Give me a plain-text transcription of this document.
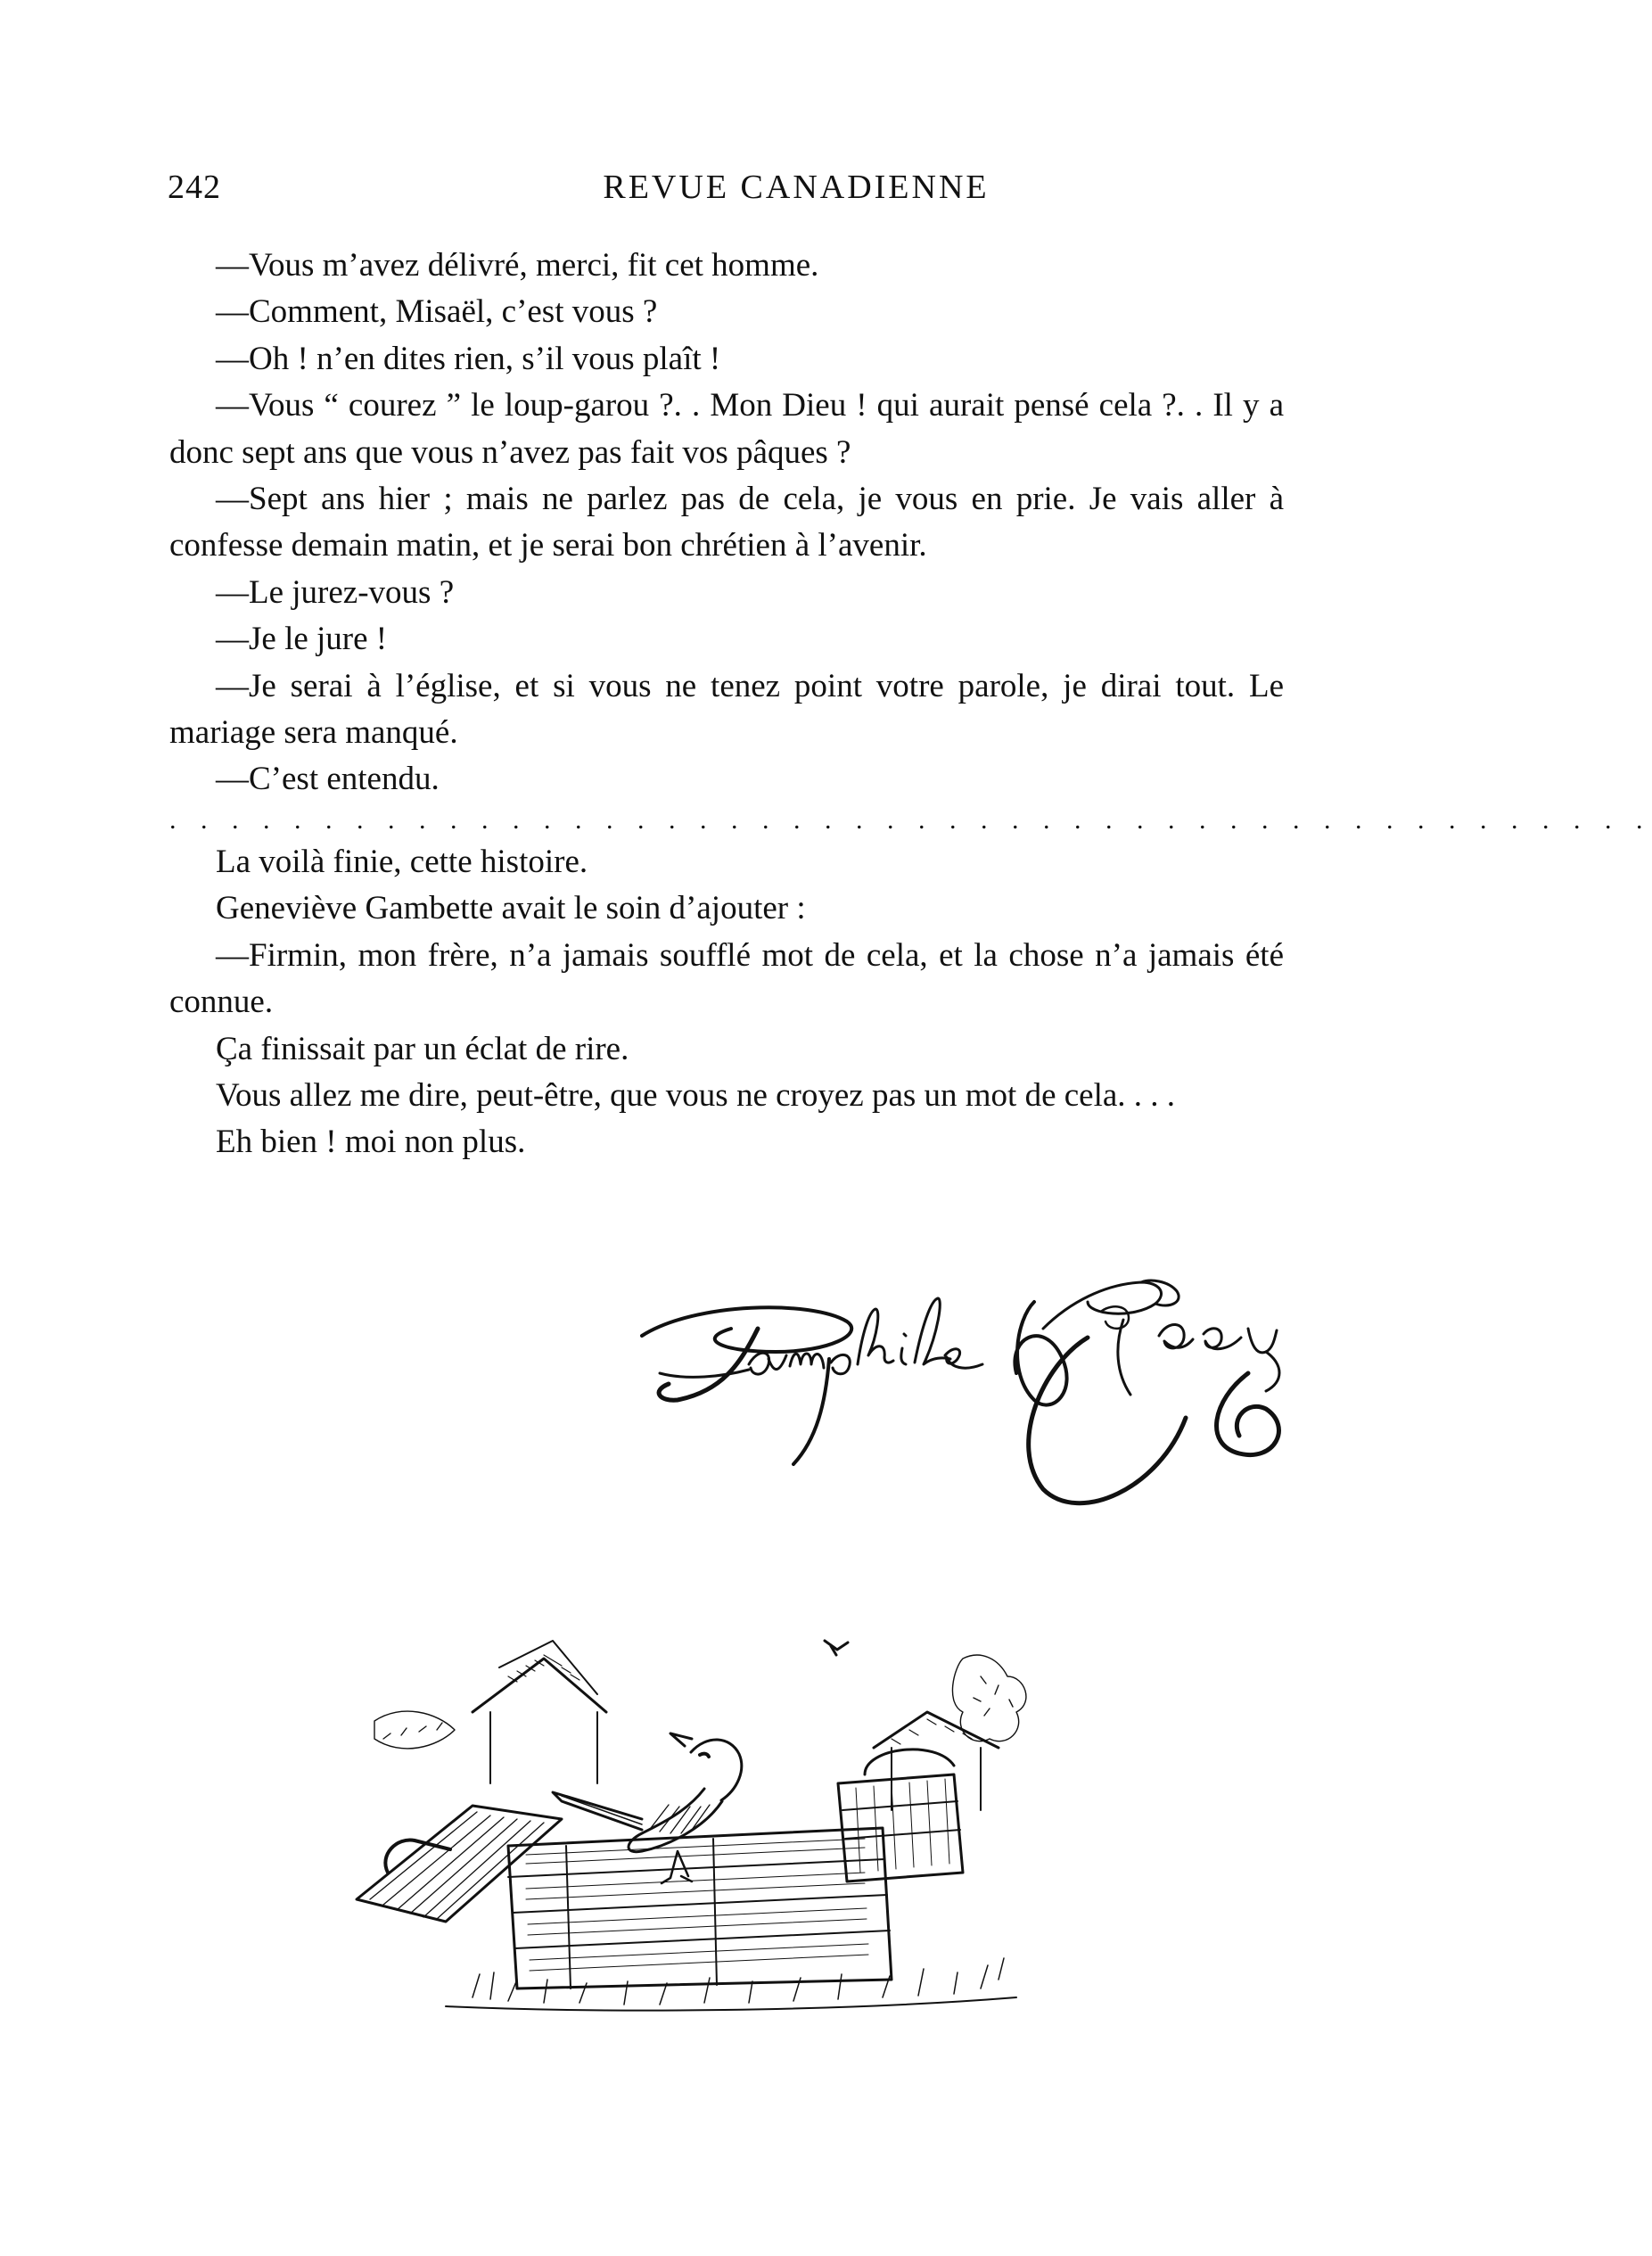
242	REVUE CANADIENNE

—Vous m’avez délivré, merci, fit cet homme.

—Comment, Misaël, c’est vous ?

—Oh ! n’en dites rien, s’il vous plaît !

—Vous “ courez ” le loup-garou ?. . Mon Dieu ! qui aurait pensé cela ?. . Il y a donc sept ans que vous n’avez pas fait vos pâques ?

—Sept ans hier ; mais ne parlez pas de cela, je vous en prie. Je vais aller à confesse demain matin, et je serai bon chrétien à l’avenir.

—Le jurez-vous ?

—Je le jure !

—Je serai à l’église, et si vous ne tenez point votre parole, je dirai tout. Le mariage sera manqué.

—C’est entendu.

. . . . . . . . . . . . . . . . . . . . . . . . . . . . . . . . . . . . . . . . . . . . . . . .

La voilà finie, cette histoire.

Geneviève Gambette avait le soin d’ajouter :

—Firmin, mon frère, n’a jamais soufflé mot de cela, et la chose n’a jamais été connue.

Ça finissait par un éclat de rire.

Vous allez me dire, peut-être, que vous ne croyez pas un mot de cela. . . .

Eh bien ! moi non plus.
